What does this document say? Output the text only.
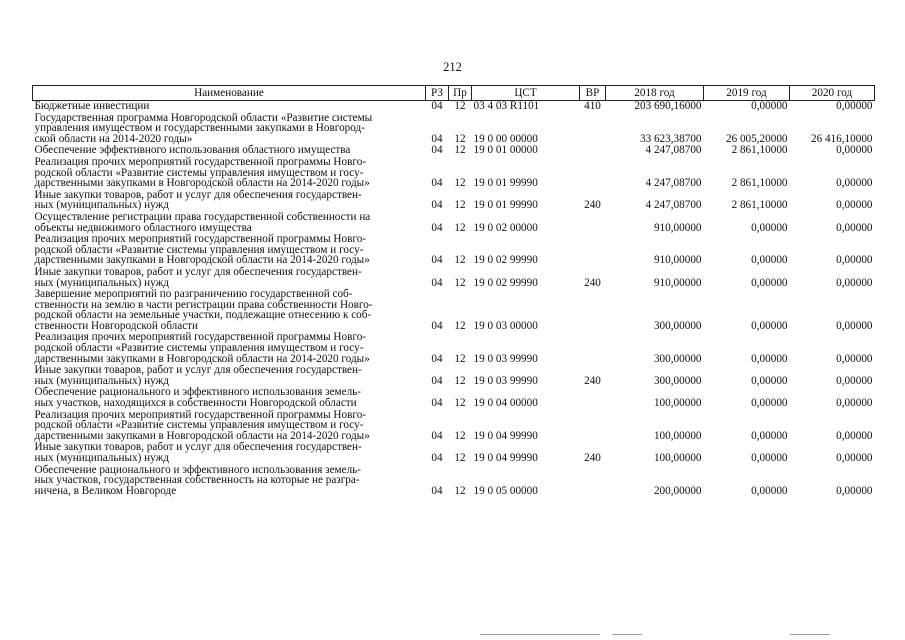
212
Наименование	РЗ	Пр	ЦСТ	ВР	2018 год	2019 год	2020 год

Бюджетные инвестиции	04	12	03 4 03 R1101	410	203 690,16000	0,00000	0,00000

Государственная программа Новгородской области «Развитие системы
управления имуществом и государственными закупками в Новгород-
ской области на 2014-2020 годы»	04	12	19 0 00 00000		33 623,38700	26 005,20000	26 416,10000

Обеспечение эффективного использования областного имущества	04	12	19 0 01 00000		4 247,08700	2 861,10000	0,00000

Реализация прочих мероприятий государственной программы Новго-
родской области «Развитие системы управления имуществом и госу-
дарственными закупками в Новгородской области на 2014-2020 годы»	04	12	19 0 01 99990		4 247,08700	2 861,10000	0,00000

Иные закупки товаров, работ и услуг для обеспечения государствен-
ных (муниципальных) нужд	04	12	19 0 01 99990	240	4 247,08700	2 861,10000	0,00000

Осуществление регистрации права государственной собственности на
объекты недвижимого областного имущества	04	12	19 0 02 00000		910,00000	0,00000	0,00000

Реализация прочих мероприятий государственной программы Новго-
родской области «Развитие системы управления имуществом и госу-
дарственными закупками в Новгородской области на 2014-2020 годы»	04	12	19 0 02 99990		910,00000	0,00000	0,00000

Иные закупки товаров, работ и услуг для обеспечения государствен-
ных (муниципальных) нужд	04	12	19 0 02 99990	240	910,00000	0,00000	0,00000

Завершение мероприятий по разграничению государственной соб-
ственности на землю в части регистрации права собственности Новго-
родской области на земельные участки, подлежащие отнесению к соб-
ственности Новгородской области	04	12	19 0 03 00000		300,00000	0,00000	0,00000

Реализация прочих мероприятий государственной программы Новго-
родской области «Развитие системы управления имуществом и госу-
дарственными закупками в Новгородской области на 2014-2020 годы»	04	12	19 0 03 99990		300,00000	0,00000	0,00000

Иные закупки товаров, работ и услуг для обеспечения государствен-
ных (муниципальных) нужд	04	12	19 0 03 99990	240	300,00000	0,00000	0,00000

Обеспечение рационального и эффективного использования земель-
ных участков, находящихся в собственности Новгородской области	04	12	19 0 04 00000		100,00000	0,00000	0,00000

Реализация прочих мероприятий государственной программы Новго-
родской области «Развитие системы управления имуществом и госу-
дарственными закупками в Новгородской области на 2014-2020 годы»	04	12	19 0 04 99990		100,00000	0,00000	0,00000

Иные закупки товаров, работ и услуг для обеспечения государствен-
ных (муниципальных) нужд	04	12	19 0 04 99990	240	100,00000	0,00000	0,00000

Обеспечение рационального и эффективного использования земель-
ных участков, государственная собственность на которые не разгра-
ничена, в Великом Новгороде	04	12	19 0 05 00000		200,00000	0,00000	0,00000
